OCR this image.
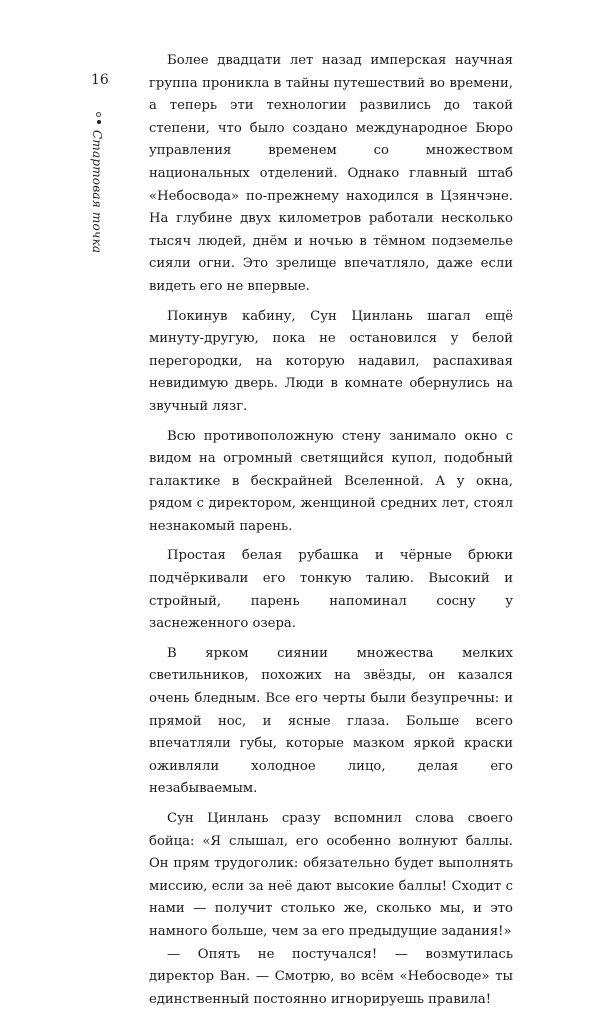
16
Стартовая точка

Более двадцати лет назад имперская научная группа проникла в тайны путешествий во времени, а теперь эти технологии развились до такой степени, что было создано международное Бюро управления временем со множеством национальных отделений. Однако главный штаб «Небосвода» по-прежнему находился в Цзянчэне. На глубине двух километров работали несколько тысяч людей, днём и ночью в тёмном подземелье сияли огни. Это зрелище впечатляло, даже если видеть его не впервые.

Покинув кабину, Сун Цинлань шагал ещё минуту-другую, пока не остановился у белой перегородки, на которую надавил, распахивая невидимую дверь. Люди в комнате обернулись на звучный лязг.

Всю противоположную стену занимало окно с видом на огромный светящийся купол, подобный галактике в бескрайней Вселенной. А у окна, рядом с директором, женщиной средних лет, стоял незнакомый парень.

Простая белая рубашка и чёрные брюки подчёркивали его тонкую талию. Высокий и стройный, парень напоминал сосну у заснеженного озера.

В ярком сиянии множества мелких светильников, похожих на звёзды, он казался очень бледным. Все его черты были безупречны: и прямой нос, и ясные глаза. Больше всего впечатляли губы, которые мазком яркой краски оживляли холодное лицо, делая его незабываемым.

Сун Цинлань сразу вспомнил слова своего бойца: «Я слышал, его особенно волнуют баллы. Он прям трудоголик: обязательно будет выполнять миссию, если за неё дают высокие баллы! Сходит с нами — получит столько же, сколько мы, и это намного больше, чем за его предыдущие задания!»

— Опять не постучался! — возмутилась директор Ван. — Смотрю, во всём «Небосводе» ты единственный постоянно игнорируешь правила!
